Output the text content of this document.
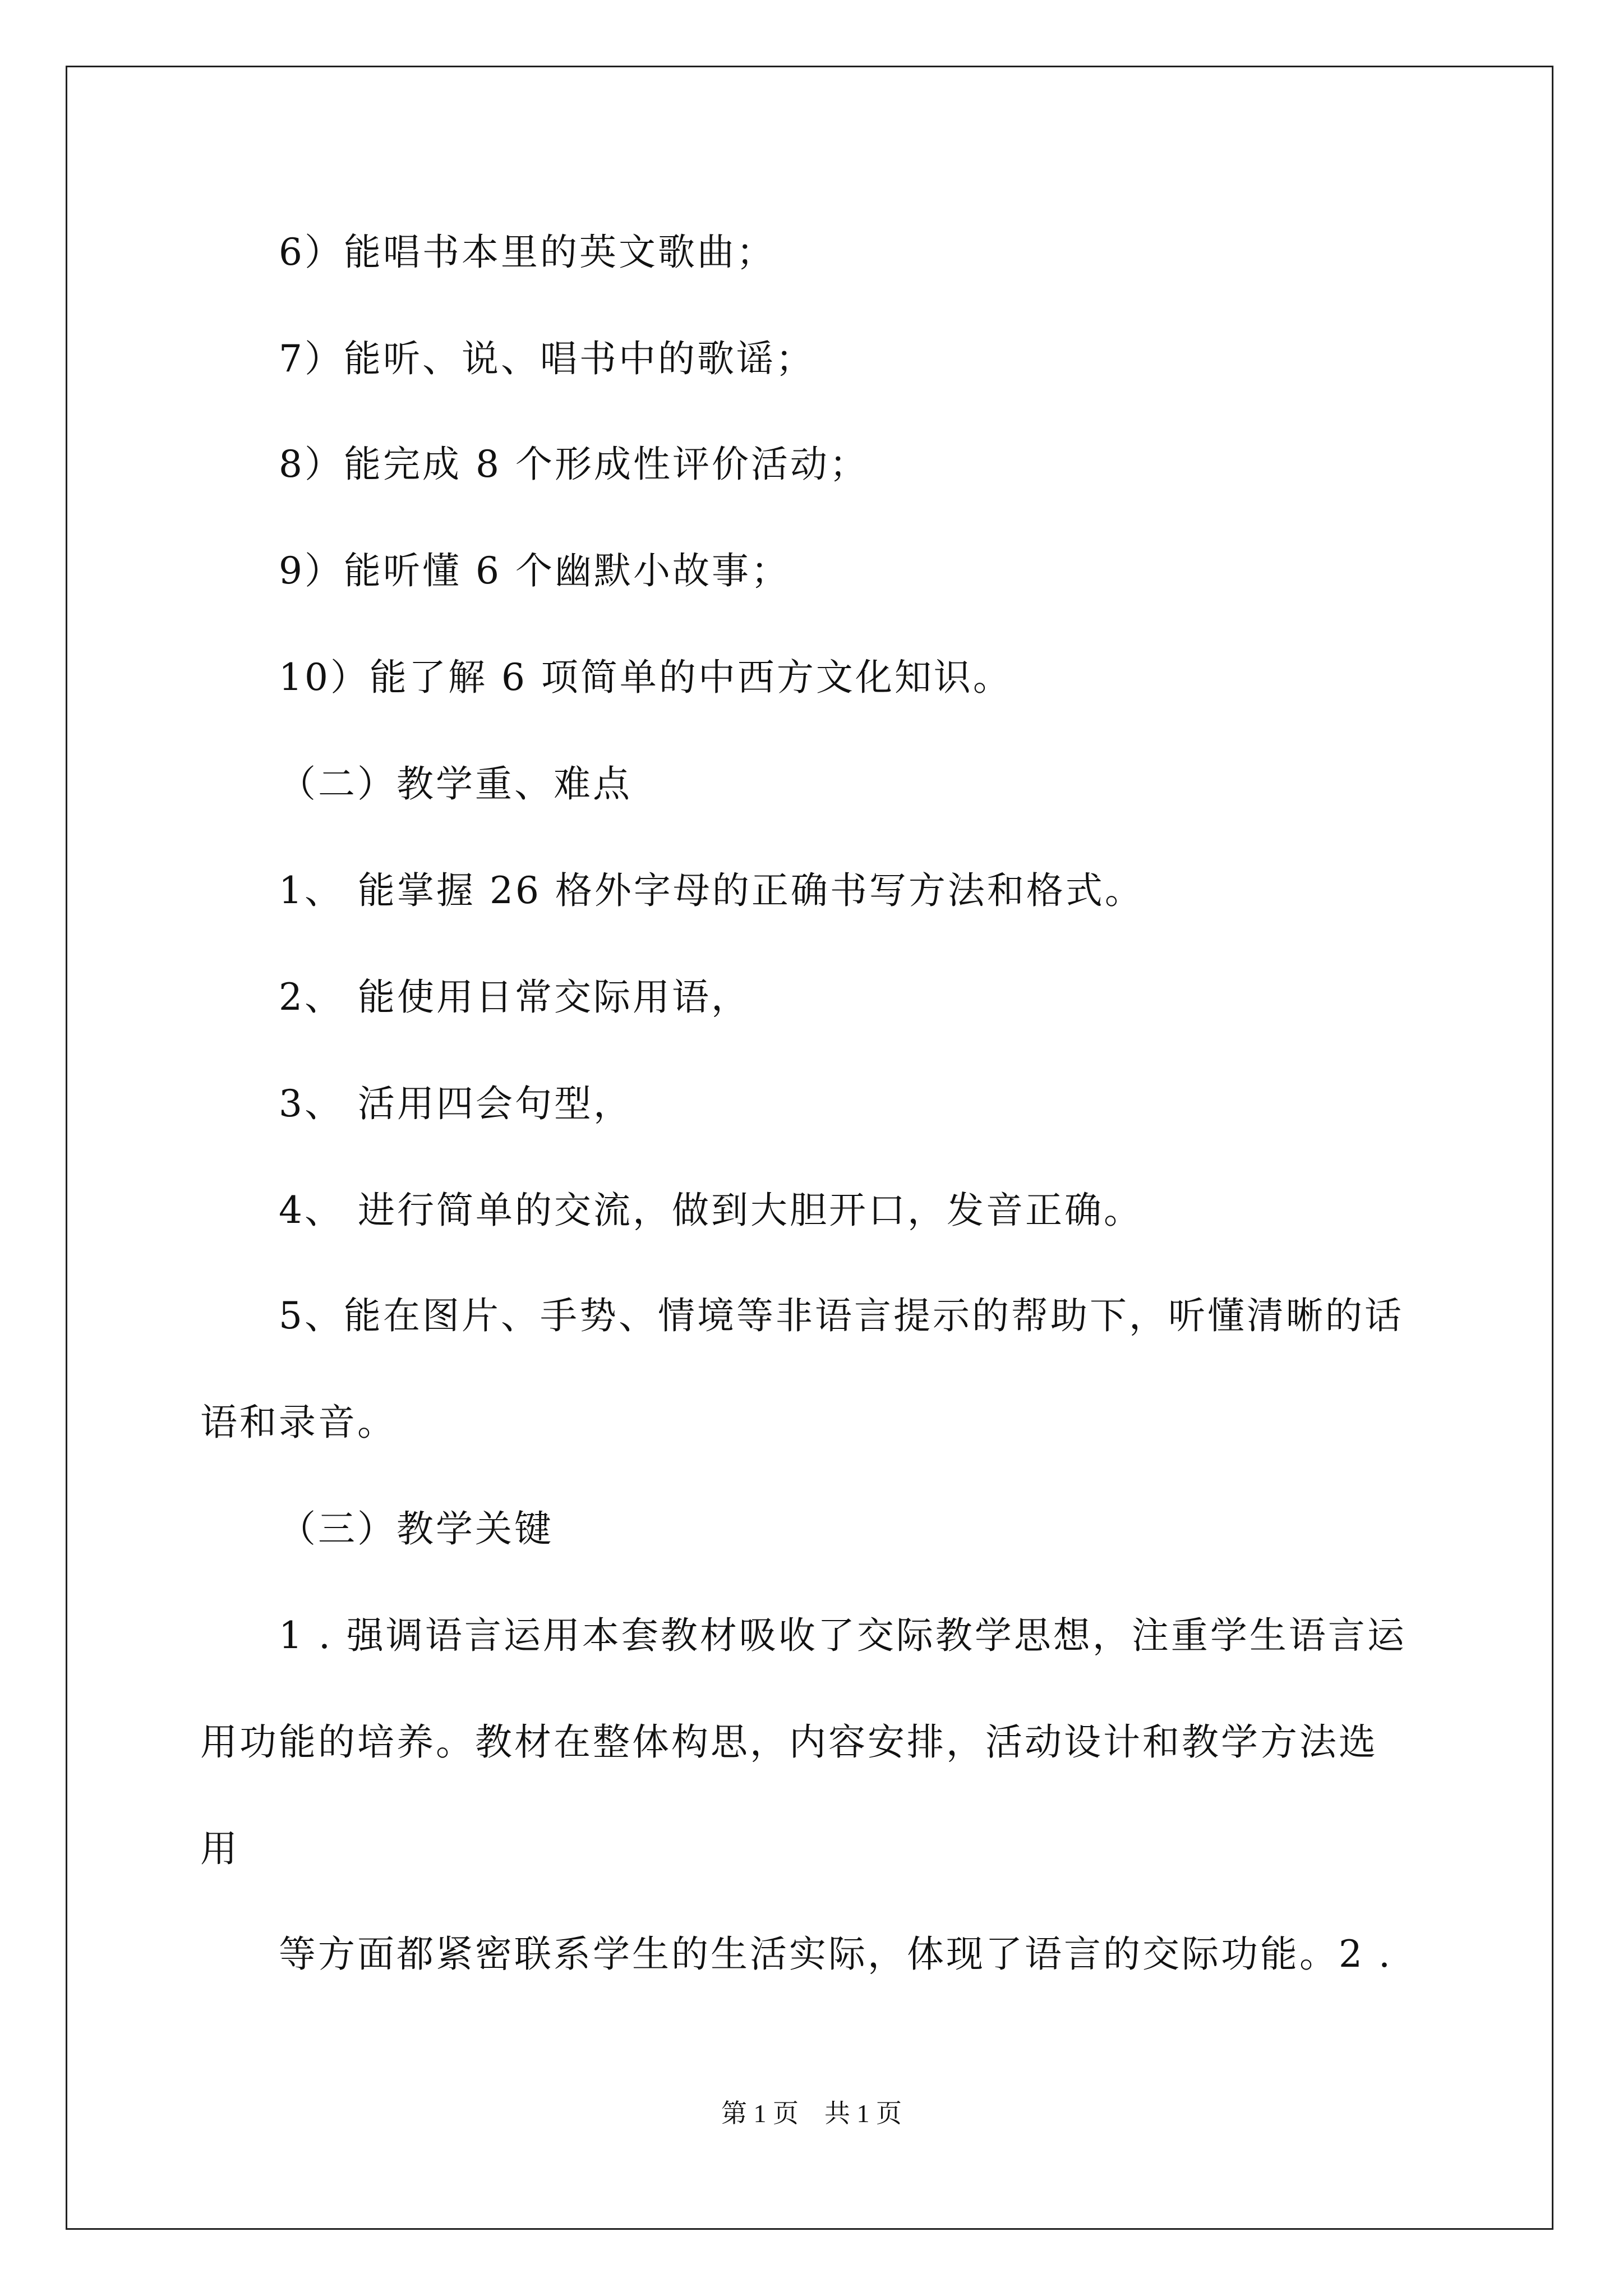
6）能唱书本里的英文歌曲；
7）能听、说、唱书中的歌谣；
8）能完成 8 个形成性评价活动；
9）能听懂 6 个幽默小故事；
10）能了解 6 项简单的中西方文化知识。
（二）教学重、难点
1、 能掌握 26 格外字母的正确书写方法和格式。
2、 能使用日常交际用语，
3、 活用四会句型，
4、 进行简单的交流，做到大胆开口，发音正确。
5、能在图片、手势、情境等非语言提示的帮助下，听懂清晰的话
语和录音。
（三）教学关键
1 . 强调语言运用本套教材吸收了交际教学思想，注重学生语言运
用功能的培养。教材在整体构思，内容安排，活动设计和教学方法选
用
等方面都紧密联系学生的生活实际，体现了语言的交际功能。2 .
第 1 页　共 1 页
